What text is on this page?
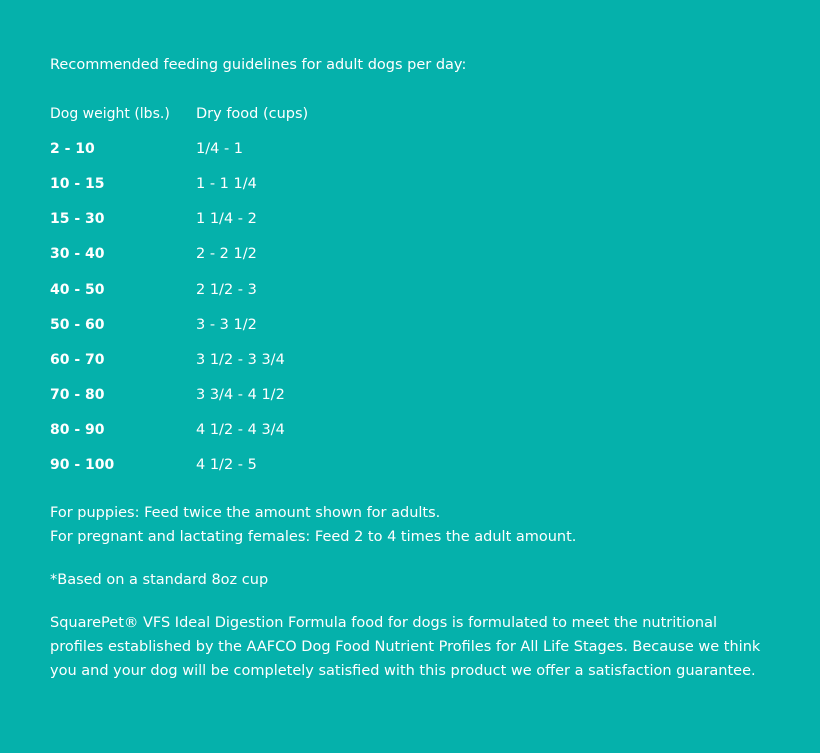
Recommended feeding guidelines for adult dogs per day:

Dog weight (lbs.)	Dry food (cups)
2 - 10	1/4 - 1
10 - 15	1 - 1 1/4
15 - 30	1 1/4 - 2
30 - 40	2 - 2 1/2
40 - 50	2 1/2 - 3
50 - 60	3 - 3 1/2
60 - 70	3 1/2 - 3 3/4
70 - 80	3 3/4 - 4 1/2
80 - 90	4 1/2 - 4 3/4
90 - 100	4 1/2 - 5

For puppies: Feed twice the amount shown for adults.

For pregnant and lactating females: Feed 2 to 4 times the adult amount.

*Based on a standard 8oz cup

SquarePet® VFS Ideal Digestion Formula food for dogs is formulated to meet the nutritional profiles established by the AAFCO Dog Food Nutrient Profiles for All Life Stages. Because we think you and your dog will be completely satisfied with this product we offer a satisfaction guarantee.
